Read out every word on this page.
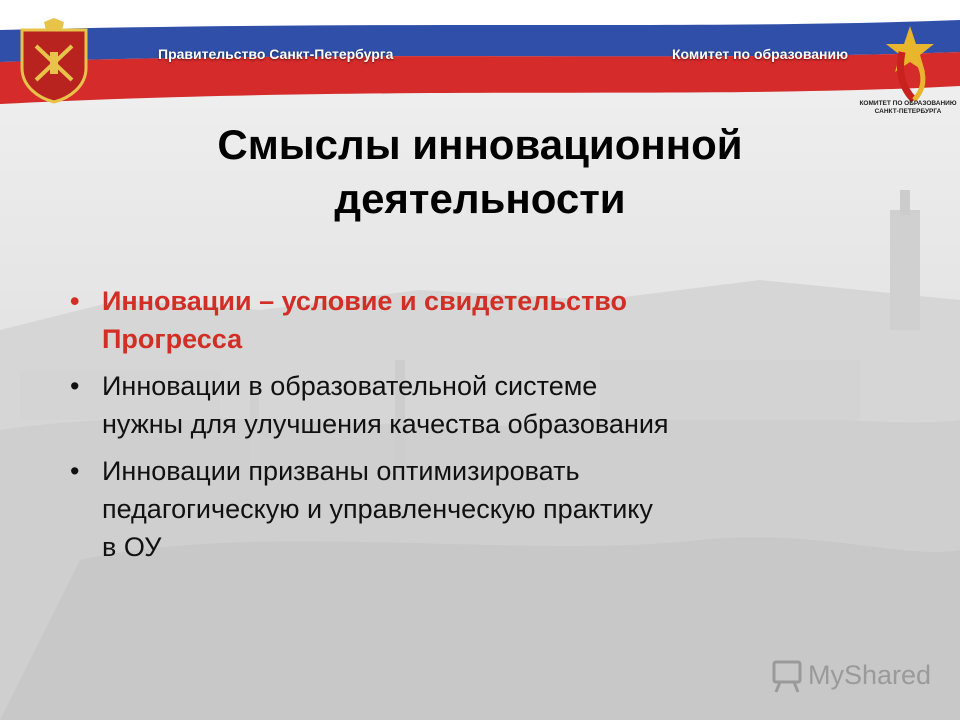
Правительство Санкт-Петербурга	Комитет по образованию
КОМИТЕТ ПО ОБРАЗОВАНИЮ
САНКТ-ПЕТЕРБУРГА
Смыслы инновационной
деятельности
• Инновации – условие и свидетельство
Прогресса
• Инновации в образовательной системе
нужны для улучшения качества образования
• Инновации призваны оптимизировать
педагогическую и управленческую практику
в ОУ
MyShared
